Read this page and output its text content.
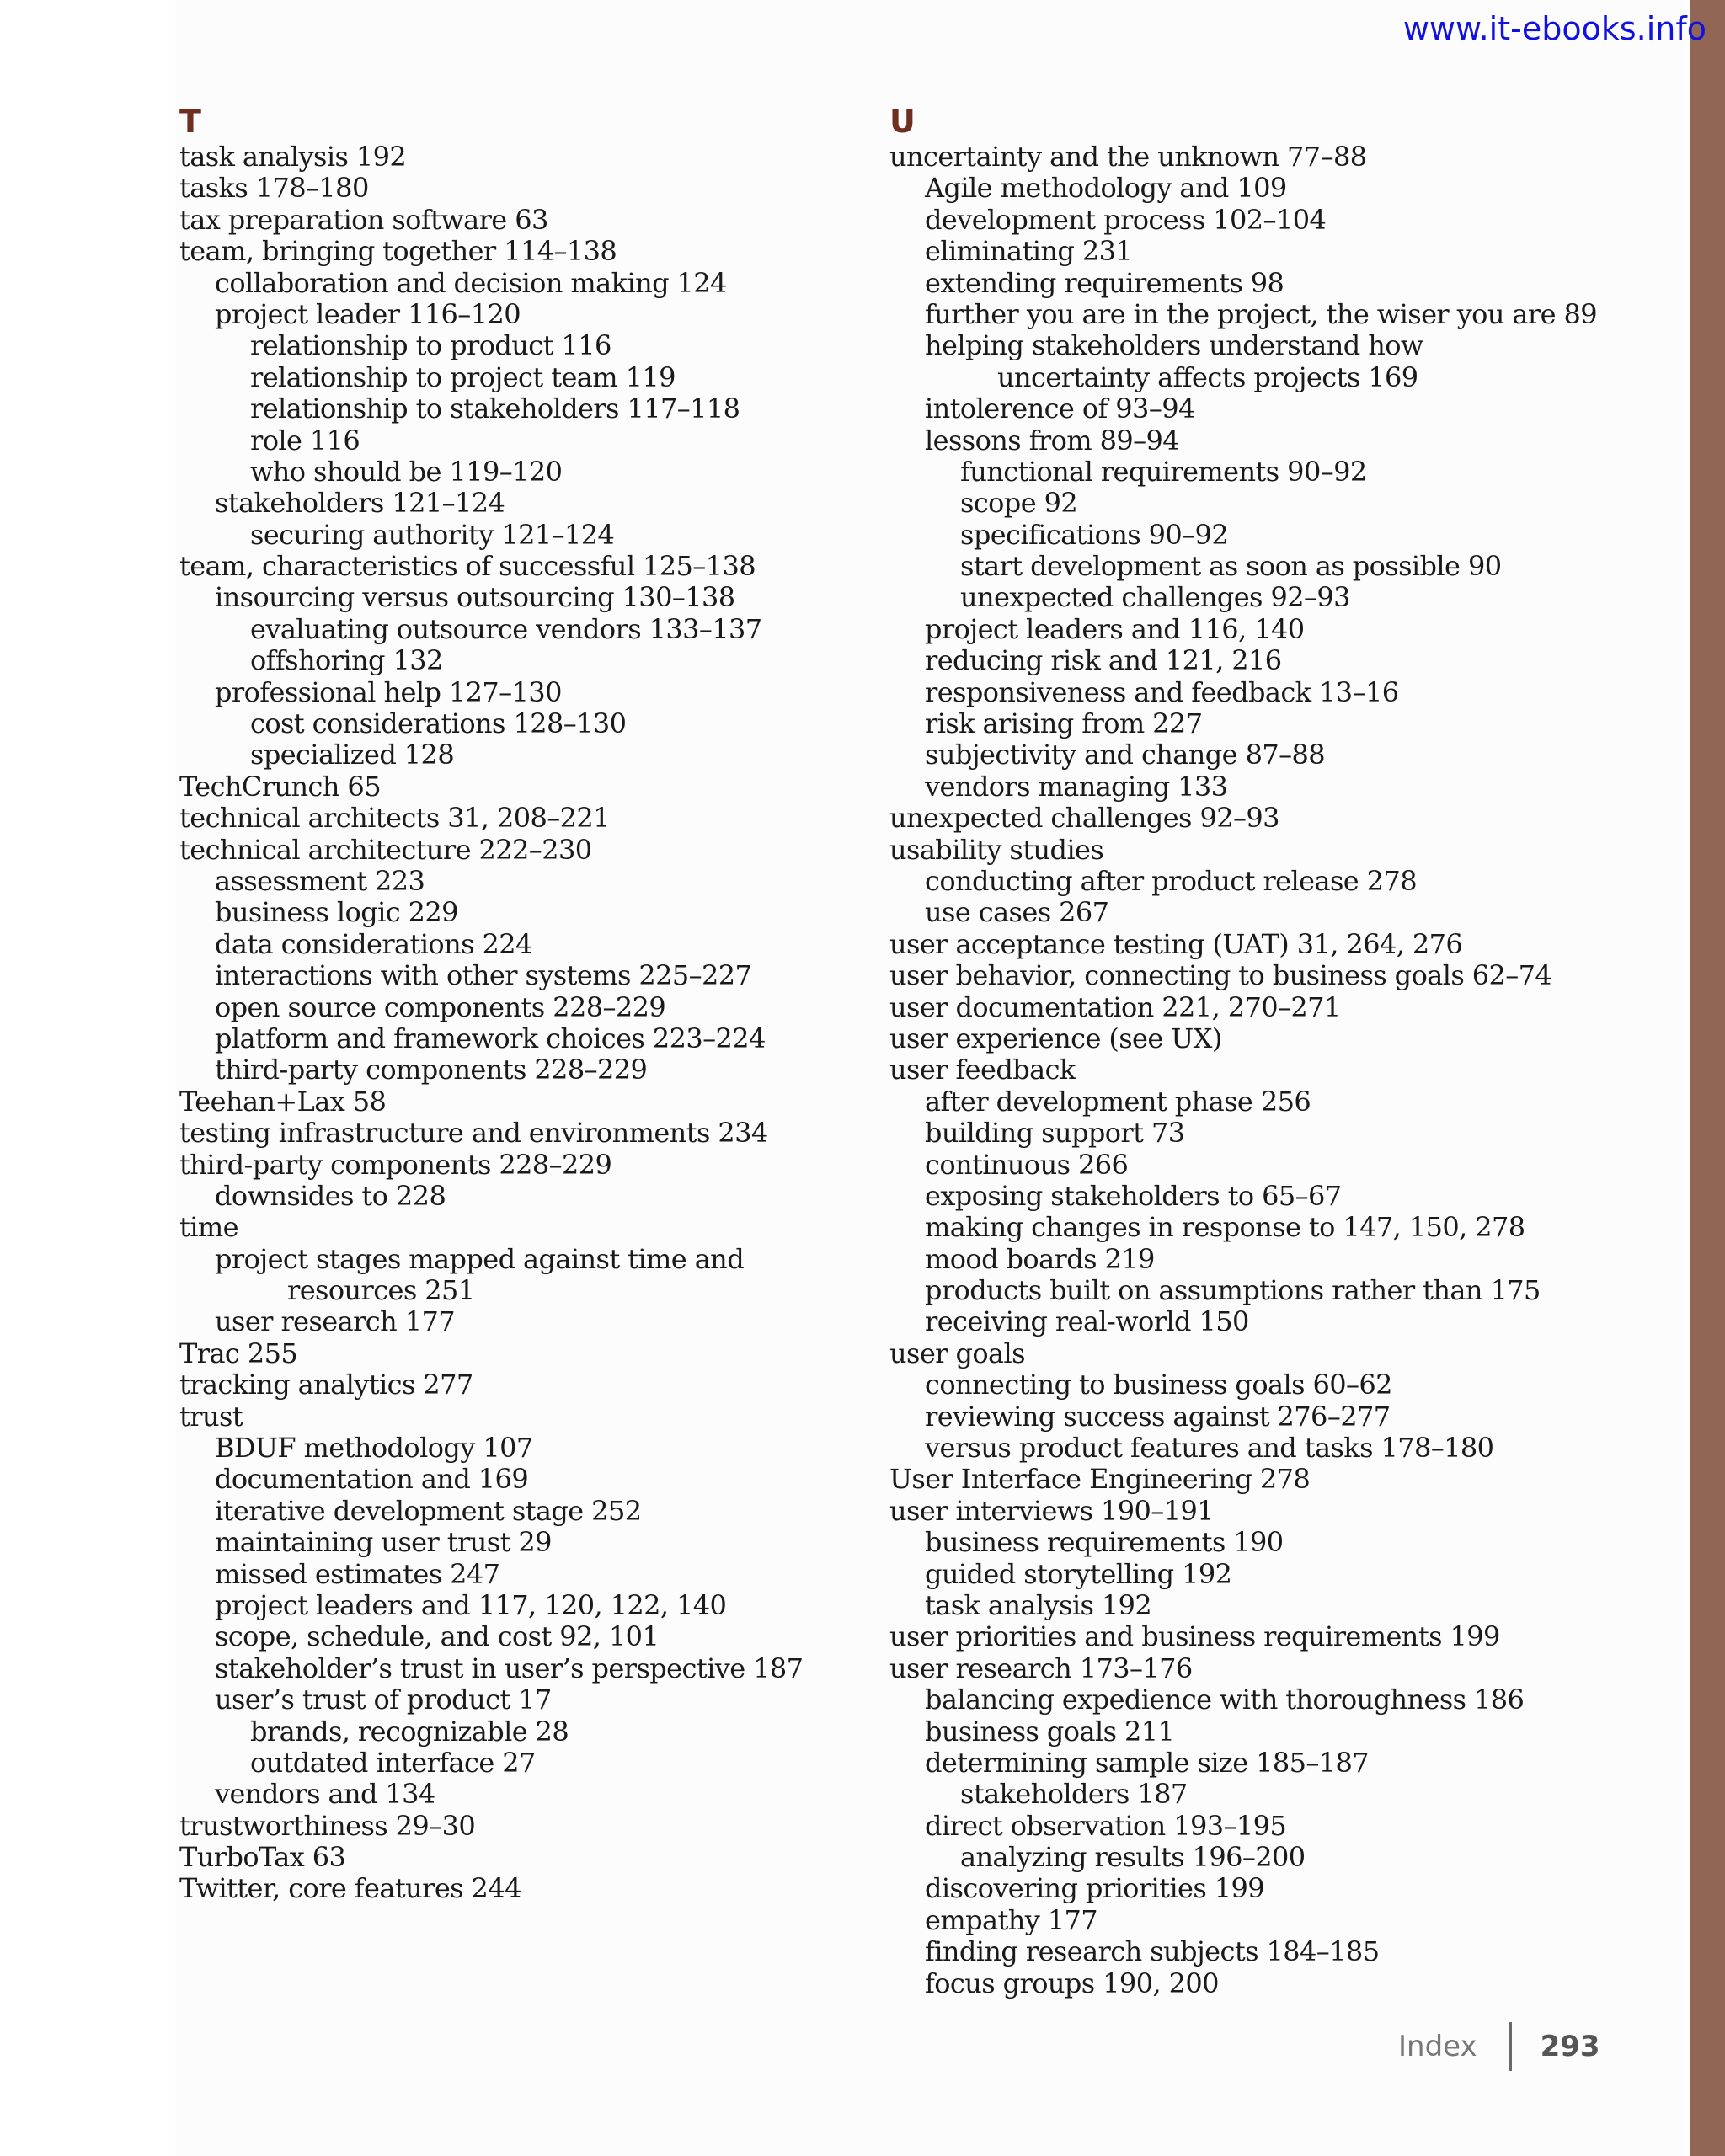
www.it-ebooks.info
T
task analysis 192
tasks 178–180
tax preparation software 63
team, bringing together 114–138
collaboration and decision making 124
project leader 116–120
relationship to product 116
relationship to project team 119
relationship to stakeholders 117–118
role 116
who should be 119–120
stakeholders 121–124
securing authority 121–124
team, characteristics of successful 125–138
insourcing versus outsourcing 130–138
evaluating outsource vendors 133–137
offshoring 132
professional help 127–130
cost considerations 128–130
specialized 128
TechCrunch 65
technical architects 31, 208–221
technical architecture 222–230
assessment 223
business logic 229
data considerations 224
interactions with other systems 225–227
open source components 228–229
platform and framework choices 223–224
third-party components 228–229
Teehan+Lax 58
testing infrastructure and environments 234
third-party components 228–229
downsides to 228
time
project stages mapped against time and
resources 251
user research 177
Trac 255
tracking analytics 277
trust
BDUF methodology 107
documentation and 169
iterative development stage 252
maintaining user trust 29
missed estimates 247
project leaders and 117, 120, 122, 140
scope, schedule, and cost 92, 101
stakeholder’s trust in user’s perspective 187
user’s trust of product 17
brands, recognizable 28
outdated interface 27
vendors and 134
trustworthiness 29–30
TurboTax 63
Twitter, core features 244
U
uncertainty and the unknown 77–88
Agile methodology and 109
development process 102–104
eliminating 231
extending requirements 98
further you are in the project, the wiser you are 89
helping stakeholders understand how
uncertainty affects projects 169
intolerence of 93–94
lessons from 89–94
functional requirements 90–92
scope 92
specifications 90–92
start development as soon as possible 90
unexpected challenges 92–93
project leaders and 116, 140
reducing risk and 121, 216
responsiveness and feedback 13–16
risk arising from 227
subjectivity and change 87–88
vendors managing 133
unexpected challenges 92–93
usability studies
conducting after product release 278
use cases 267
user acceptance testing (UAT) 31, 264, 276
user behavior, connecting to business goals 62–74
user documentation 221, 270–271
user experience (see UX)
user feedback
after development phase 256
building support 73
continuous 266
exposing stakeholders to 65–67
making changes in response to 147, 150, 278
mood boards 219
products built on assumptions rather than 175
receiving real-world 150
user goals
connecting to business goals 60–62
reviewing success against 276–277
versus product features and tasks 178–180
User Interface Engineering 278
user interviews 190–191
business requirements 190
guided storytelling 192
task analysis 192
user priorities and business requirements 199
user research 173–176
balancing expedience with thoroughness 186
business goals 211
determining sample size 185–187
stakeholders 187
direct observation 193–195
analyzing results 196–200
discovering priorities 199
empathy 177
finding research subjects 184–185
focus groups 190, 200
Index 293
